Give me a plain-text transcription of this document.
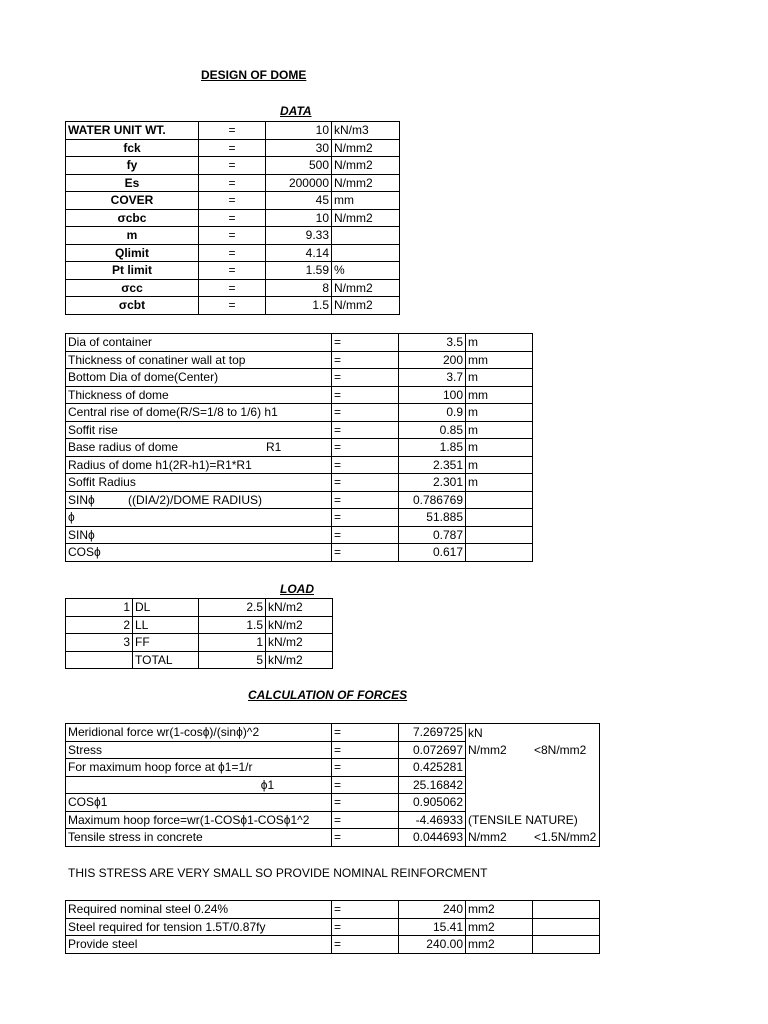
DESIGN OF DOME
DATA
WATER UNIT WT.	=	10	kN/m3
fck	=	30	N/mm2
fy	=	500	N/mm2
Es	=	200000	N/mm2
COVER	=	45	mm
σcbc	=	10	N/mm2
m	=	9.33	
Qlimit	=	4.14	
Pt limit	=	1.59	%
σcc	=	8	N/mm2
σcbt	=	1.5	N/mm2
Dia of container	=	3.5	m
Thickness of conatiner wall at top	=	200	mm
Bottom Dia of dome(Center)	=	3.7	m
Thickness of dome	=	100	mm
Central rise of dome(R/S=1/8 to 1/6) h1	=	0.9	m
Soffit rise	=	0.85	m
Base radius of dome R1	=	1.85	m
Radius of dome h1(2R-h1)=R1*R1	=	2.351	m
Soffit Radius	=	2.301	m
SINϕ ((DIA/2)/DOME RADIUS)	=	0.786769	
ϕ	=	51.885	
SINϕ	=	0.787	
COSϕ	=	0.617	
LOAD
1	DL	2.5	kN/m2
2	LL	1.5	kN/m2
3	FF	1	kN/m2
	TOTAL	5	kN/m2
CALCULATION OF FORCES
Meridional force wr(1-cosϕ)/(sinϕ)^2	=	7.269725	kN
Stress	=	0.072697	N/mm2 <8N/mm2

For maximum hoop force at ϕ1=1/r	=	0.425281	
ϕ1	=	25.16842	
COSϕ1	=	0.905062	
Maximum hoop force=wr(1-COSϕ1-COSϕ1^2	=	-4.46933	(TENSILE NATURE)
Tensile stress in concrete	=	0.044693	N/mm2 <1.5N/mm2
THIS STRESS ARE VERY SMALL SO PROVIDE NOMINAL REINFORCMENT
Required nominal steel 0.24%	=	240	mm2	
Steel required for tension 1.5T/0.87fy	=	15.41	mm2	
Provide steel	=	240.00	mm2	
